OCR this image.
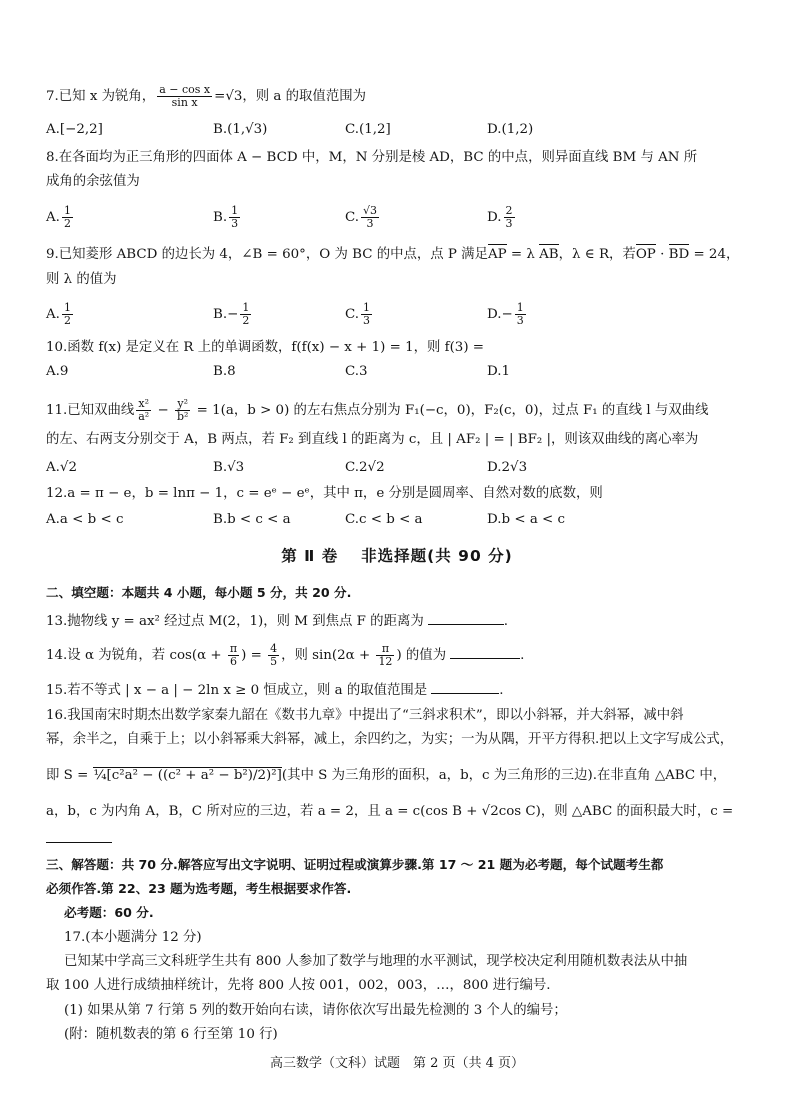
7.已知 x 为锐角， $\frac{\text{a − cos x}}{\text{sin x}} =√3$，则 a 的取值范围为
A.[−2,2]	B.(1,√3)	C.(1,2]	D.(1,2)
8.在各面均为正三角形的四面体 A − BCD 中，M，N 分别是棱 AD，BC 的中点，则异面直线 BM 与 AN 所
成角的余弦值为
A. $\frac{1}{2}$	B. $\frac{1}{3}$	C. $\frac{√3}{3}$	D. $\frac{2}{3}$
9.已知菱形 ABCD 的边长为 4，∠B = 60°，O 为 BC 的中点，点 P 满足AP = λ AB，λ ∈ R，若OP · BD = 24，
则 λ 的值为
A. $\frac{1}{2}$	$B.- \frac{1}{2}$	C. $\frac{1}{3}$	$D.- \frac{1}{3}$
10.函数 f(x) 是定义在 R 上的单调函数，f(f(x) − x + 1) = 1，则 f(3) =
A.9	B.8	C.3	D.1
11.已知双曲线 $\frac{\text{x²}}{\text{a²}} - \frac{\text{y²}}{\text{b²}} = 1(a$，b > 0) 的左右焦点分别为 F₁(−c，0)，F₂(c，0)，过点 F₁ 的直线 l 与双曲线
的左、右两支分别交于 A，B 两点，若 F₂ 到直线 l 的距离为 c，且 | AF₂ | = | BF₂ |，则该双曲线的离心率为
A.√2	B.√3	C.2√2	D.2√3
12.a = π − e，b = lnπ − 1，c = eᵉ − eᵉ，其中 π，e 分别是圆周率、自然对数的底数，则
A.a < b < c	B.b < c < a	C.c < b < a	D.b < a < c
第 Ⅱ 卷　 非选择题(共 90 分)
二、填空题：本题共 4 小题，每小题 5 分，共 20 分.
13.抛物线 y = ax² 经过点 M(2，1)，则 M 到焦点 F 的距离为	.
14.设 α 为锐角，若 $\cos(\alpha + \frac{\pi}{6}$ ) = $\frac{4}{5}$ ，则 $\sin(2\alpha + \frac{\pi}{12}$ ) 的值为	.
15.若不等式 | x − a | − 2ln x ≥ 0 恒成立，则 a 的取值范围是	.
16.我国南宋时期杰出数学家秦九韶在《数书九章》中提出了“三斜求积术”，即以小斜幂，并大斜幂，减中斜
幂，余半之，自乘于上；以小斜幂乘大斜幂，减上，余四约之，为实；一为从隅，开平方得积.把以上文字写成公式，
即 S = ¼[c²a² − ((c² + a² − b²)/2)²](其中 S 为三角形的面积，a，b，c 为三角形的三边).在非直角 △ABC 中，
a，b，c 为内角 A，B，C 所对应的三边，若 a = 2，且 a = c(cos B + √2cos C)，则 △ABC 的面积最大时，c =
三、解答题：共 70 分.解答应写出文字说明、证明过程或演算步骤.第 17 ～ 21 题为必考题，每个试题考生都
必须作答.第 22、23 题为选考题，考生根据要求作答.
必考题：60 分.
17.(本小题满分 12 分)
已知某中学高三文科班学生共有 800 人参加了数学与地理的水平测试，现学校决定利用随机数表法从中抽
取 100 人进行成绩抽样统计，先将 800 人按 001，002，003，…，800 进行编号.
(1) 如果从第 7 行第 5 列的数开始向右读，请你依次写出最先检测的 3 个人的编号；
(附：随机数表的第 6 行至第 10 行)
高三数学（文科）试题　第 2 页（共 4 页）
